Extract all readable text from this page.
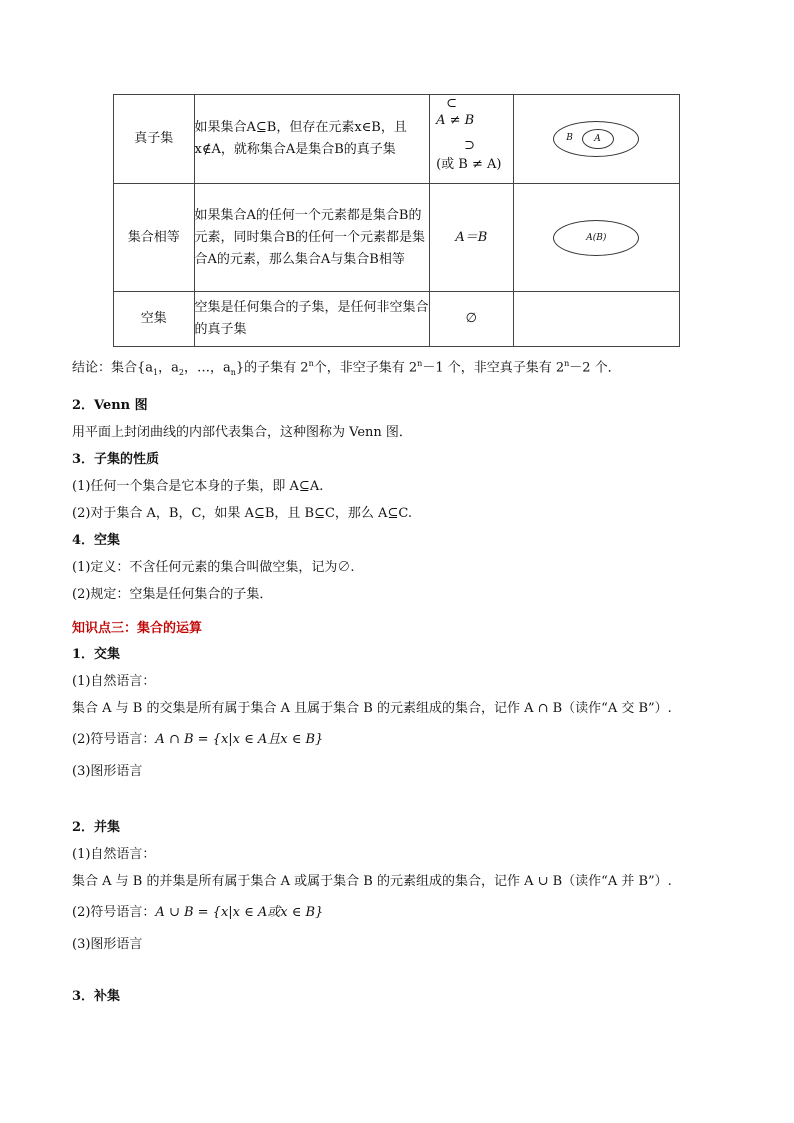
真子集	如果集合A⊆B，但存在元素x∈B，且x∉A，就称集合A是集合B的真子集	⊂
A ≠ B
⊃
(或 B ≠ A)	B A

集合相等	如果集合A的任何一个元素都是集合B的元素，同时集合B的任何一个元素都是集合A的元素，那么集合A与集合B相等	A＝B	A(B)

空集	空集是任何集合的子集，是任何非空集合的真子集	∅	
结论：集合{$a_1$，$a_2$，…，$a_n$}的子集有 2$^n$个，非空子集有 $2^n-1$ 个，非空真子集有 $2^n-2$ 个．
2．Venn 图
用平面上封闭曲线的内部代表集合，这种图称为 Venn 图．
3．子集的性质
(1)任何一个集合是它本身的子集，即 A⊆A.
(2)对于集合 A，B，C，如果 A⊆B，且 B⊆C，那么 A⊆C.
4．空集
(1)定义：不含任何元素的集合叫做空集，记为∅.
(2)规定：空集是任何集合的子集．
知识点三：集合的运算
1．交集
(1)自然语言：
集合 A 与 B 的交集是所有属于集合 A 且属于集合 B 的元素组成的集合，记作 A ∩ B（读作“A 交 B”）.
(2)符号语言：A ∩ B = {x|x ∈ A且x ∈ B}
(3)图形语言
2．并集
(1)自然语言：
集合 A 与 B 的并集是所有属于集合 A 或属于集合 B 的元素组成的集合，记作 A ∪ B（读作“A 并 B”）.
(2)符号语言：A ∪ B = {x|x ∈ A或x ∈ B}
(3)图形语言
3．补集
